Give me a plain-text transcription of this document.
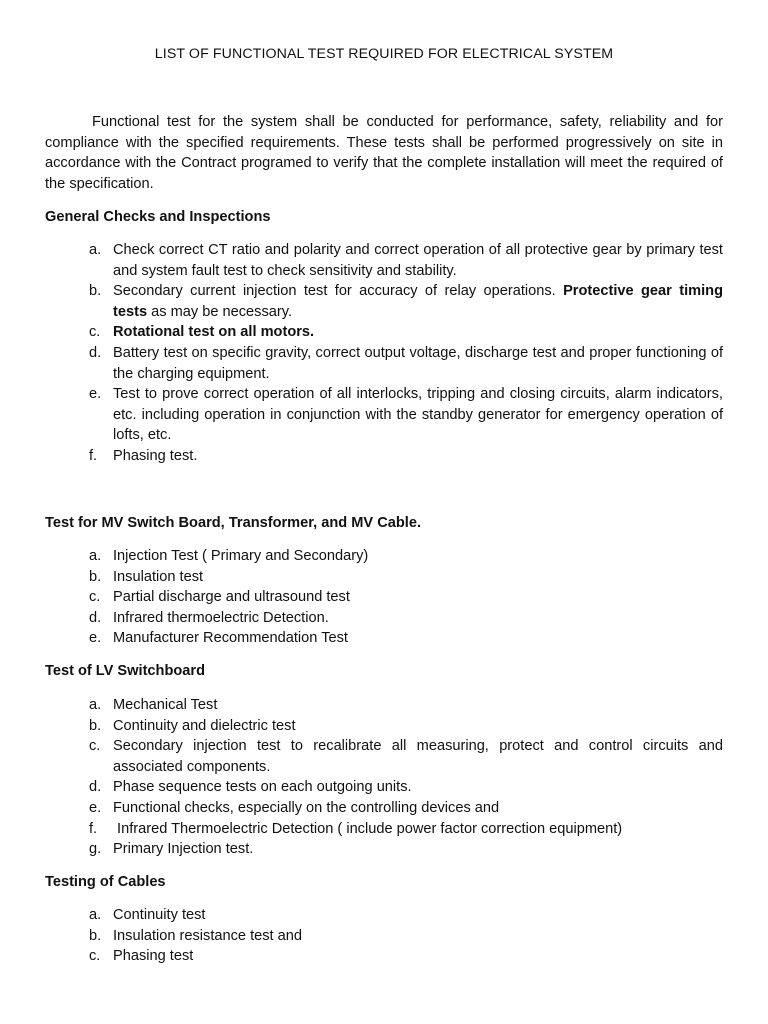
LIST OF FUNCTIONAL TEST REQUIRED FOR ELECTRICAL SYSTEM

Functional test for the system shall be conducted for performance, safety, reliability and for compliance with the specified requirements. These tests shall be performed progressively on site in accordance with the Contract programed to verify that the complete installation will meet the required of the specification.

General Checks and Inspections

a. Check correct CT ratio and polarity and correct operation of all protective gear by primary test and system fault test to check sensitivity and stability.
b. Secondary current injection test for accuracy of relay operations. Protective gear timing tests as may be necessary.
c. Rotational test on all motors.
d. Battery test on specific gravity, correct output voltage, discharge test and proper functioning of the charging equipment.
e. Test to prove correct operation of all interlocks, tripping and closing circuits, alarm indicators, etc. including operation in conjunction with the standby generator for emergency operation of lofts, etc.
f. Phasing test.

Test for MV Switch Board, Transformer, and MV Cable.

a. Injection Test ( Primary and Secondary)
b. Insulation test
c. Partial discharge and ultrasound test
d. Infrared thermoelectric Detection.
e. Manufacturer Recommendation Test

Test of LV Switchboard

a. Mechanical Test
b. Continuity and dielectric test
c. Secondary injection test to recalibrate all measuring, protect and control circuits and associated components.
d. Phase sequence tests on each outgoing units.
e. Functional checks, especially on the controlling devices and
f. Infrared Thermoelectric Detection ( include power factor correction equipment)
g. Primary Injection test.

Testing of Cables

a. Continuity test
b. Insulation resistance test and
c. Phasing test
